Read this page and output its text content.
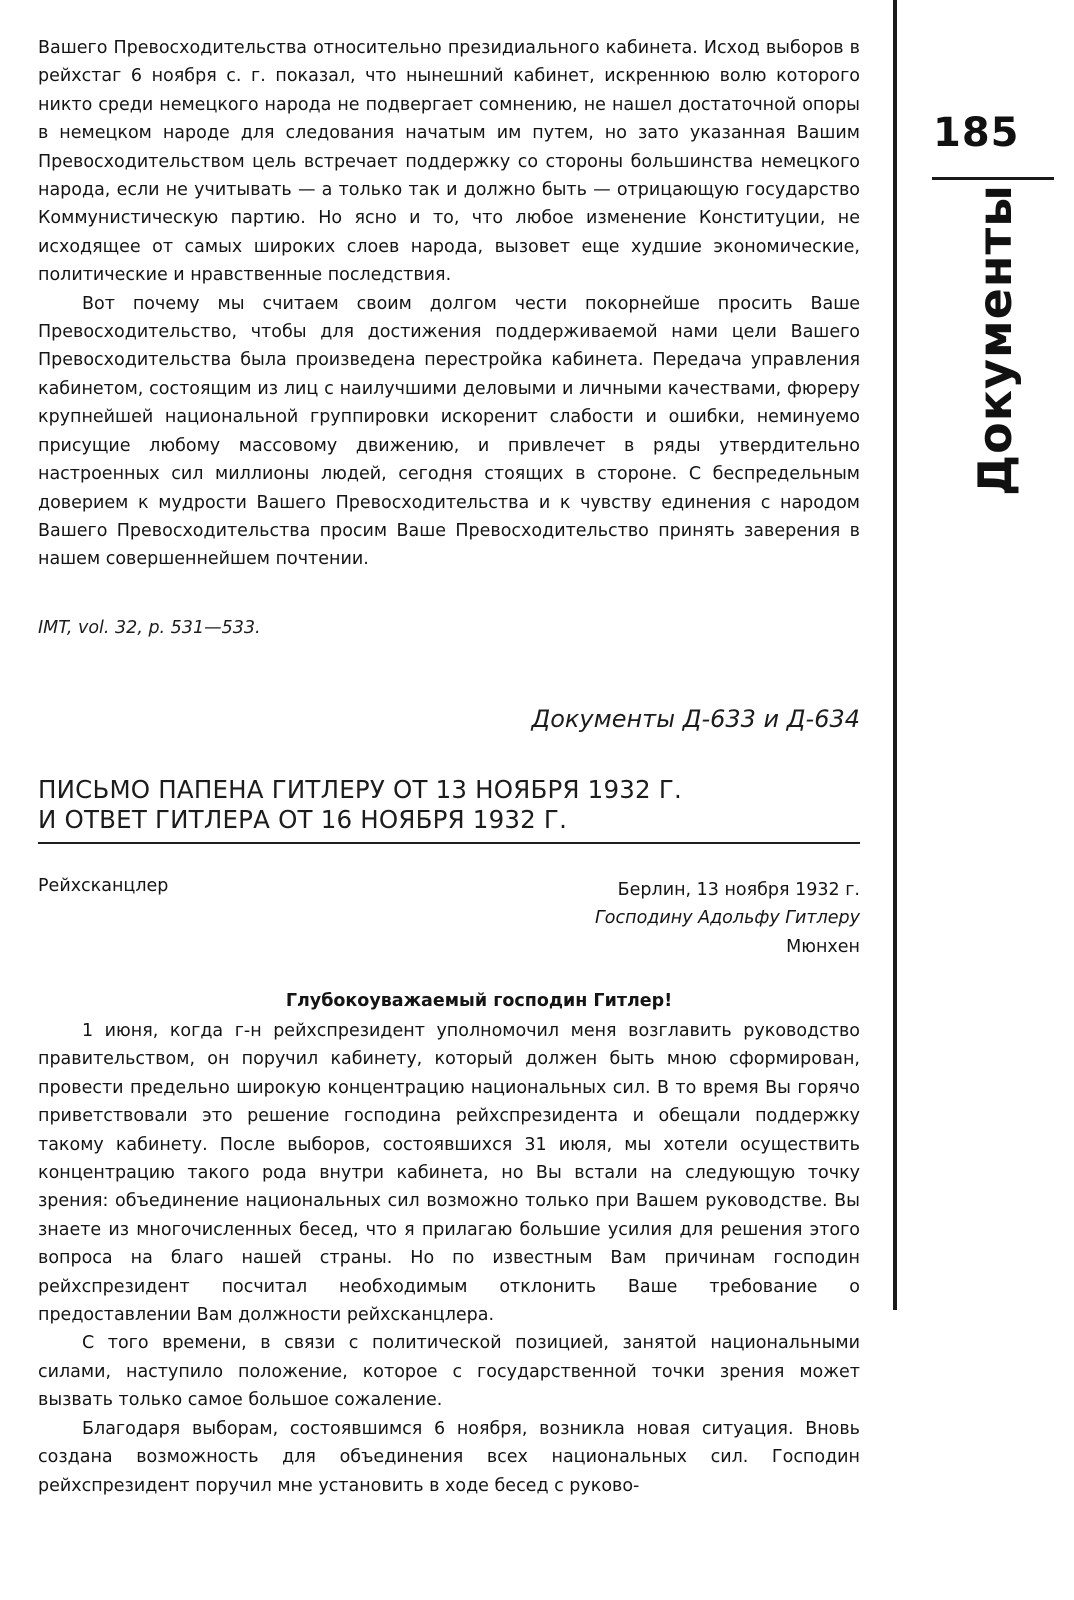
185
Документы

Вашего Превосходительства относительно президиального кабинета. Исход выборов в рейхстаг 6 ноября с. г. показал, что нынешний кабинет, искреннюю волю которого никто среди немецкого народа не подвергает сомнению, не нашел достаточной опоры в немецком народе для следования начатым им путем, но зато указанная Вашим Превосходительством цель встречает поддержку со стороны большинства немецкого народа, если не учитывать — а только так и должно быть — отрицающую государство Коммунистическую партию. Но ясно и то, что любое изменение Конституции, не исходящее от самых широких слоев народа, вызовет еще худшие экономические, политические и нравственные последствия.

Вот почему мы считаем своим долгом чести покорнейше просить Ваше Превосходительство, чтобы для достижения поддерживаемой нами цели Вашего Превосходительства была произведена перестройка кабинета. Передача управления кабинетом, состоящим из лиц с наилучшими деловыми и личными качествами, фюреру крупнейшей национальной группировки искоренит слабости и ошибки, неминуемо присущие любому массовому движению, и привлечет в ряды утвердительно настроенных сил миллионы людей, сегодня стоящих в стороне. С беспредельным доверием к мудрости Вашего Превосходительства и к чувству единения с народом Вашего Превосходительства просим Ваше Превосходительство принять заверения в нашем совершеннейшем почтении.

IMT, vol. 32, p. 531—533.
Документы Д-633 и Д-634
ПИСЬМО ПАПЕНА ГИТЛЕРУ ОТ 13 НОЯБРЯ 1932 Г.
И ОТВЕТ ГИТЛЕРА ОТ 16 НОЯБРЯ 1932 Г.
Рейхсканцлер	Берлин, 13 ноября 1932 г.
Господину Адольфу Гитлеру
Мюнхен
Глубокоуважаемый господин Гитлер!

1 июня, когда г-н рейхспрезидент уполномочил меня возглавить руководство правительством, он поручил кабинету, который должен быть мною сформирован, провести предельно широкую концентрацию национальных сил. В то время Вы горячо приветствовали это решение господина рейхспрезидента и обещали поддержку такому кабинету. После выборов, состоявшихся 31 июля, мы хотели осуществить концентрацию такого рода внутри кабинета, но Вы встали на следующую точку зрения: объединение национальных сил возможно только при Вашем руководстве. Вы знаете из многочисленных бесед, что я прилагаю большие усилия для решения этого вопроса на благо нашей страны. Но по известным Вам причинам господин рейхспрезидент посчитал необходимым отклонить Ваше требование о предоставлении Вам должности рейхсканцлера.

С того времени, в связи с политической позицией, занятой национальными силами, наступило положение, которое с государственной точки зрения может вызвать только самое большое сожаление.

Благодаря выборам, состоявшимся 6 ноября, возникла новая ситуация. Вновь создана возможность для объединения всех национальных сил. Господин рейхспрезидент поручил мне установить в ходе бесед с руково-
